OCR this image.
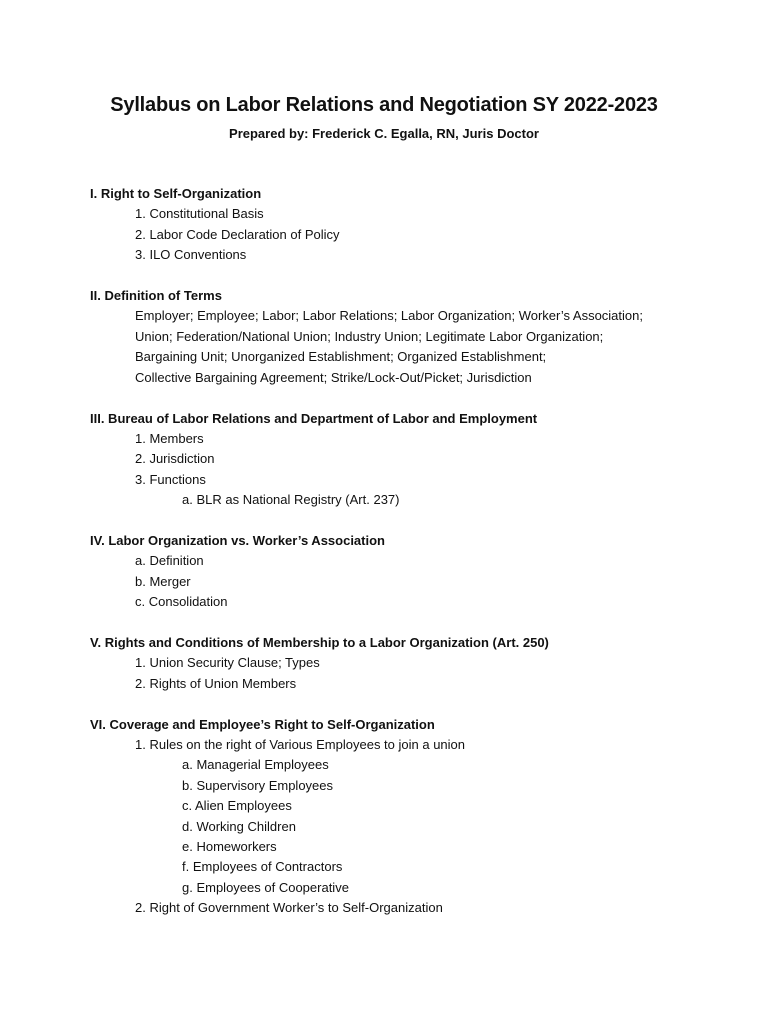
Syllabus on Labor Relations and Negotiation SY 2022-2023
Prepared by: Frederick C. Egalla, RN, Juris Doctor
I. Right to Self-Organization
1. Constitutional Basis
2. Labor Code Declaration of Policy
3. ILO Conventions
II. Definition of Terms
Employer; Employee; Labor; Labor Relations; Labor Organization; Worker’s Association;
Union; Federation/National Union; Industry Union; Legitimate Labor Organization;
Bargaining Unit; Unorganized Establishment; Organized Establishment;
Collective Bargaining Agreement; Strike/Lock-Out/Picket; Jurisdiction
III. Bureau of Labor Relations and Department of Labor and Employment
1. Members
2. Jurisdiction
3. Functions
a. BLR as National Registry (Art. 237)
IV. Labor Organization vs. Worker’s Association
a. Definition
b. Merger
c. Consolidation
V. Rights and Conditions of Membership to a Labor Organization (Art. 250)
1. Union Security Clause; Types
2. Rights of Union Members
VI. Coverage and Employee’s Right to Self-Organization
1. Rules on the right of Various Employees to join a union
a. Managerial Employees
b. Supervisory Employees
c. Alien Employees
d. Working Children
e. Homeworkers
f. Employees of Contractors
g. Employees of Cooperative
2. Right of Government Worker’s to Self-Organization
